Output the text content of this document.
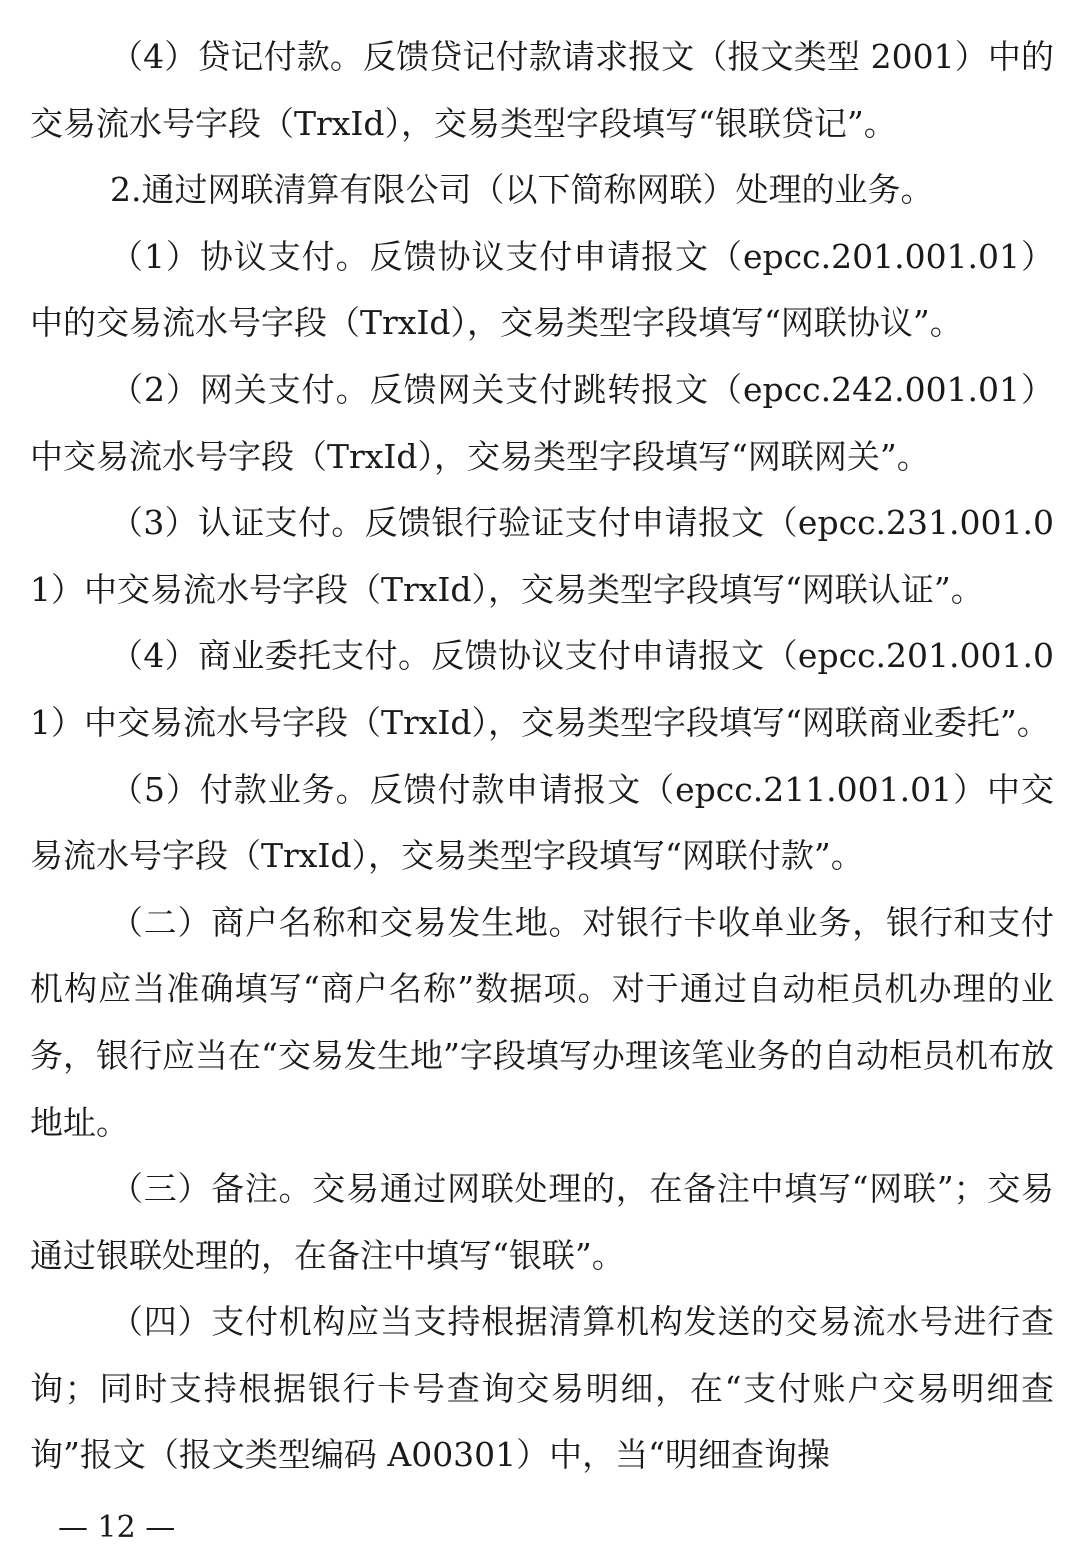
（4）贷记付款。反馈贷记付款请求报文（报文类型 2001）中的交易流水号字段（TrxId），交易类型字段填写“银联贷记”。

2.通过网联清算有限公司（以下简称网联）处理的业务。

（1）协议支付。反馈协议支付申请报文（epcc.201.001.01）中的交易流水号字段（TrxId），交易类型字段填写“网联协议”。

（2）网关支付。反馈网关支付跳转报文（epcc.242.001.01）中交易流水号字段（TrxId），交易类型字段填写“网联网关”。

（3）认证支付。反馈银行验证支付申请报文（epcc.231.001.01）中交易流水号字段（TrxId），交易类型字段填写“网联认证”。

（4）商业委托支付。反馈协议支付申请报文（epcc.201.001.01）中交易流水号字段（TrxId），交易类型字段填写“网联商业委托”。

（5）付款业务。反馈付款申请报文（epcc.211.001.01）中交易流水号字段（TrxId），交易类型字段填写“网联付款”。

（二）商户名称和交易发生地。对银行卡收单业务，银行和支付机构应当准确填写“商户名称”数据项。对于通过自动柜员机办理的业务，银行应当在“交易发生地”字段填写办理该笔业务的自动柜员机布放地址。

（三）备注。交易通过网联处理的，在备注中填写“网联”；交易通过银联处理的，在备注中填写“银联”。

（四）支付机构应当支持根据清算机构发送的交易流水号进行查询；同时支持根据银行卡号查询交易明细，在“支付账户交易明细查询”报文（报文类型编码 A00301）中，当“明细查询操

— 12 —
